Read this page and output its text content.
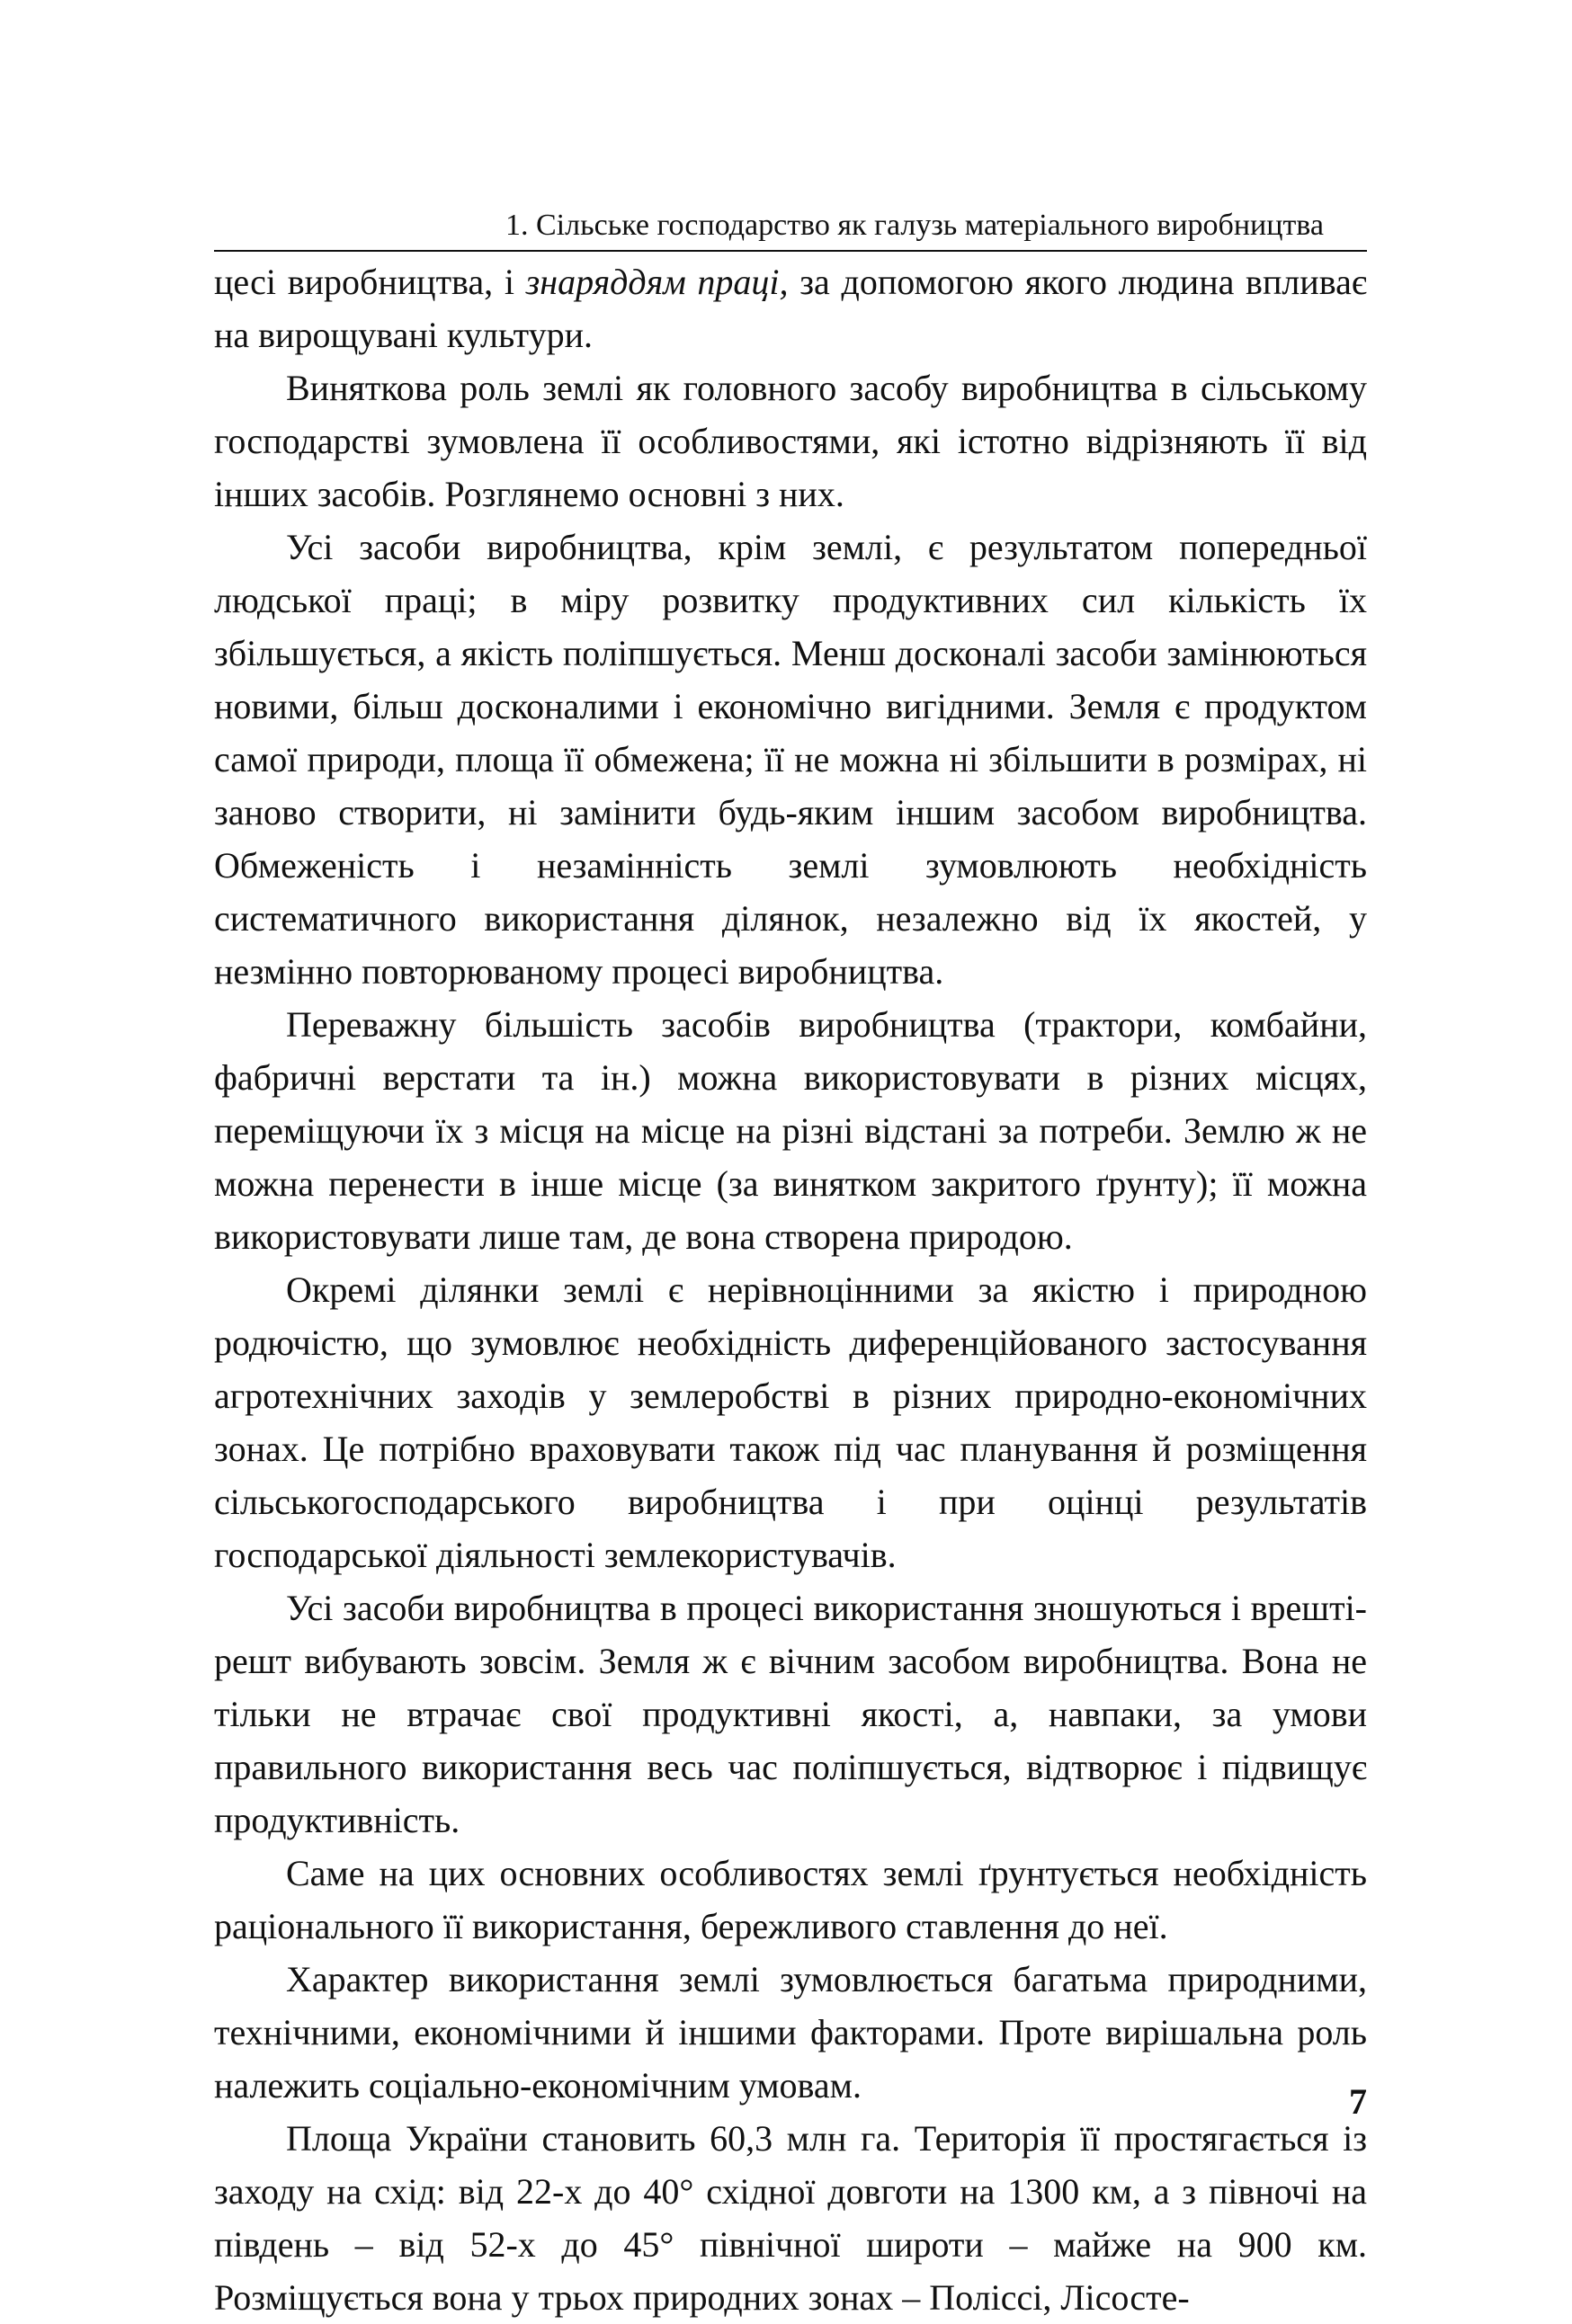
1. Сільське господарство як галузь матеріального виробництва

цесі виробництва, і знаряддям праці, за допомогою якого людина впливає на вирощувані культури.

Виняткова роль землі як головного засобу виробництва в сільському господарстві зумовлена її особливостями, які істотно відрізняють її від інших засобів. Розглянемо основні з них.

Усі засоби виробництва, крім землі, є результатом попередньої людської праці; в міру розвитку продуктивних сил кількість їх збільшується, а якість поліпшується. Менш досконалі засоби замінюються новими, більш досконалими і економічно вигідними. Земля є продуктом самої природи, площа її обмежена; її не можна ні збільшити в розмірах, ні заново створити, ні замінити будь-яким іншим засобом виробництва. Обмеженість і незамінність землі зумовлюють необхідність систематичного використання ділянок, незалежно від їх якостей, у незмінно повторюваному процесі виробництва.

Переважну більшість засобів виробництва (трактори, комбайни, фабричні верстати та ін.) можна використовувати в різних місцях, переміщуючи їх з місця на місце на різні відстані за потреби. Землю ж не можна перенести в інше місце (за винятком закритого ґрунту); її можна використовувати лише там, де вона створена природою.

Окремі ділянки землі є нерівноцінними за якістю і природною родючістю, що зумовлює необхідність диференційованого застосування агротехнічних заходів у землеробстві в різних природно-економічних зонах. Це потрібно враховувати також під час планування й розміщення сільськогосподарського виробництва і при оцінці результатів господарської діяльності землекористувачів.

Усі засоби виробництва в процесі використання зношуються і врешті-решт вибувають зовсім. Земля ж є вічним засобом виробництва. Вона не тільки не втрачає свої продуктивні якості, а, навпаки, за умови правильного використання весь час поліпшується, відтворює і підвищує продуктивність.

Саме на цих основних особливостях землі ґрунтується необхідність раціонального її використання, бережливого ставлення до неї.

Характер використання землі зумовлюється багатьма природними, технічними, економічними й іншими факторами. Проте вирішальна роль належить соціально-економічним умовам.

Площа України становить 60,3 млн га. Територія її простягається із заходу на схід: від 22-х до 40° східної довготи на 1300 км, а з півночі на південь – від 52-х до 45° північної широти – майже на 900 км. Розміщується вона у трьох природних зонах – Поліссі, Лісосте-

7
